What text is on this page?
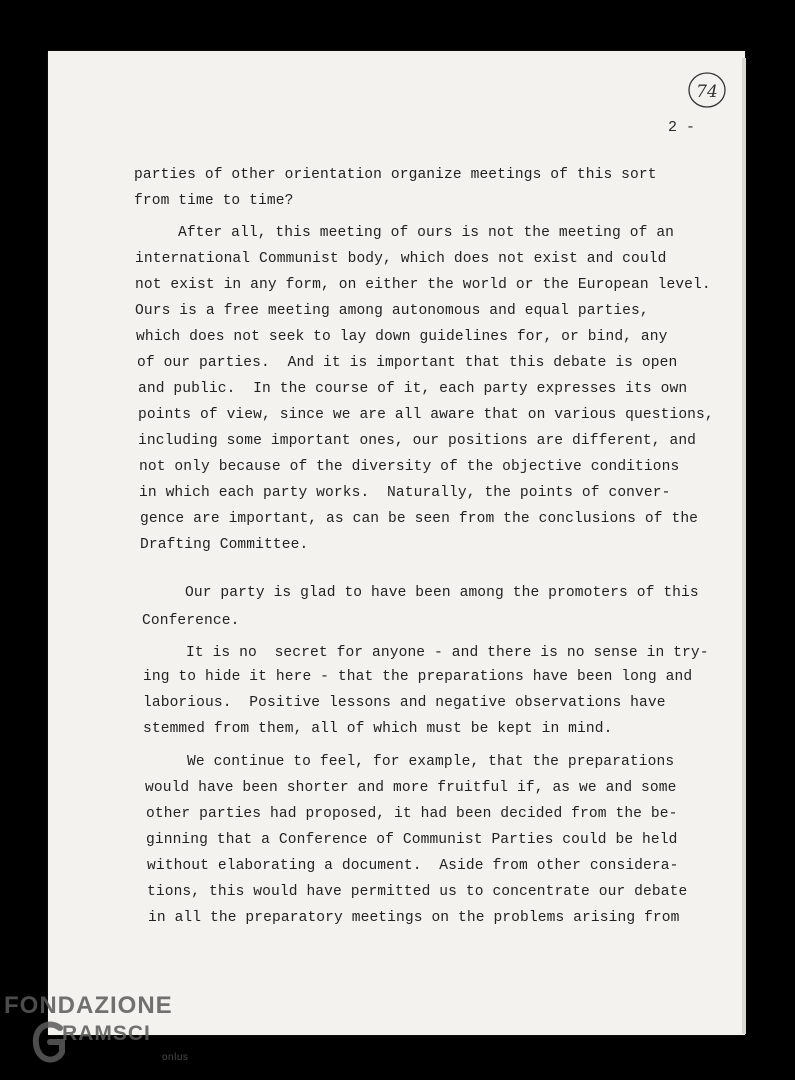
74
2 -
parties of other orientation organize meetings of this sort
from time to time?
After all, this meeting of ours is not the meeting of an
international Communist body, which does not exist and could
not exist in any form, on either the world or the European level.
Ours is a free meeting among autonomous and equal parties,
which does not seek to lay down guidelines for, or bind, any
of our parties.  And it is important that this debate is open
and public.  In the course of it, each party expresses its own
points of view, since we are all aware that on various questions,
including some important ones, our positions are different, and
not only because of the diversity of the objective conditions
in which each party works.  Naturally, the points of conver-
gence are important, as can be seen from the conclusions of the
Drafting Committee.
Our party is glad to have been among the promoters of this
Conference.
It is no  secret for anyone - and there is no sense in try-
ing to hide it here - that the preparations have been long and
laborious.  Positive lessons and negative observations have
stemmed from them, all of which must be kept in mind.
We continue to feel, for example, that the preparations
would have been shorter and more fruitful if, as we and some
other parties had proposed, it had been decided from the be-
ginning that a Conference of Communist Parties could be held
without elaborating a document.  Aside from other considera-
tions, this would have permitted us to concentrate our debate
in all the preparatory meetings on the problems arising from
FONDAZIONE
RAMSCI
onlus
